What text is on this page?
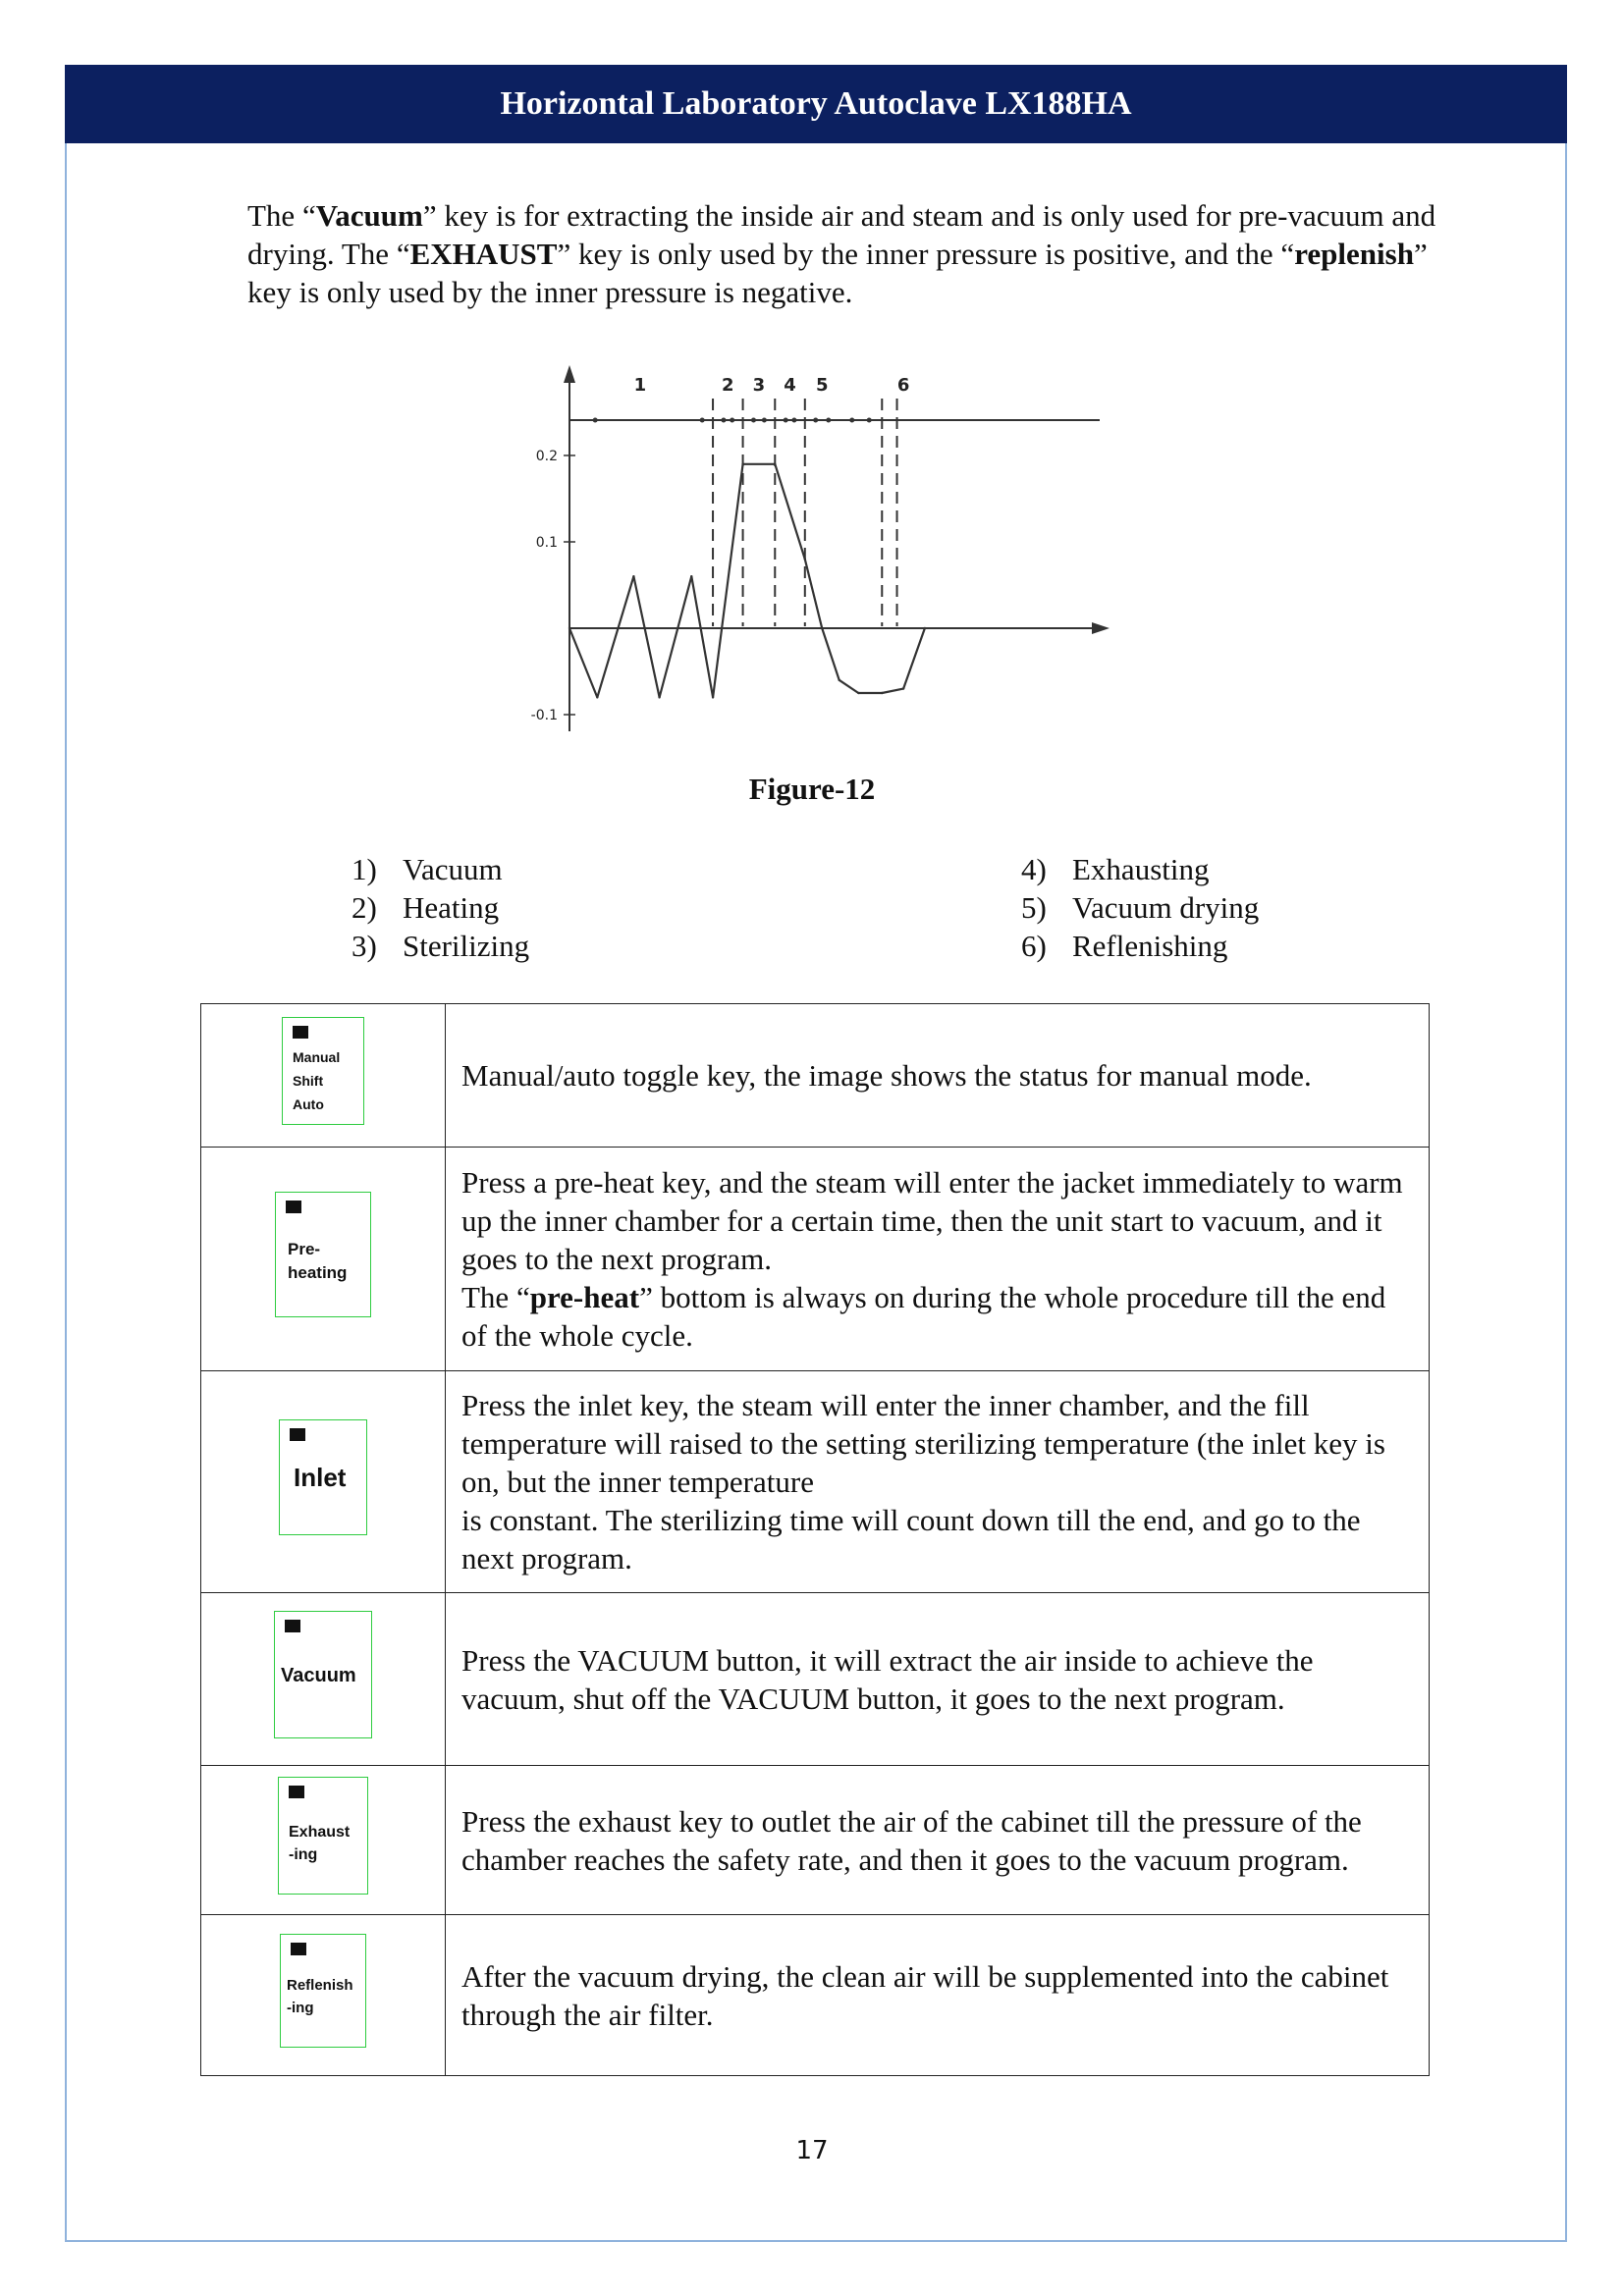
Horizontal Laboratory Autoclave LX188HA

The “Vacuum” key is for extracting the inside air and steam and is only used for pre-vacuum and drying. The “EXHAUST” key is only used by the inner pressure is positive, and the “replenish” key is only used by the inner pressure is negative.

0.2
0.1
-0.1
1	2 3 4 5	6
Figure-12
1) Vacuum
2) Heating
3) Sterilizing
4) Exhausting
5) Vacuum drying
6) Reflenishing
Manual
Shift
Auto	Manual/auto toggle key, the image shows the status for manual mode.

Pre-
heating	Press a pre-heat key, and the steam will enter the jacket immediately to warm up the inner chamber for a certain time, then the unit start to vacuum, and it goes to the next program.
The “pre-heat” bottom is always on during the whole procedure till the end of the whole cycle.

Inlet	Press the inlet key, the steam will enter the inner chamber, and the fill temperature will raised to the setting sterilizing temperature (the inlet key is on, but the inner temperature
is constant. The sterilizing time will count down till the end, and go to the next program.

Vacuum	Press the VACUUM button, it will extract the air inside to achieve the vacuum, shut off the VACUUM button, it goes to the next program.

Exhaust
-ing	Press the exhaust key to outlet the air of the cabinet till the pressure of the chamber reaches the safety rate, and then it goes to the vacuum program.

Reflenish
-ing	After the vacuum drying, the clean air will be supplemented into the cabinet through the air filter.
17
